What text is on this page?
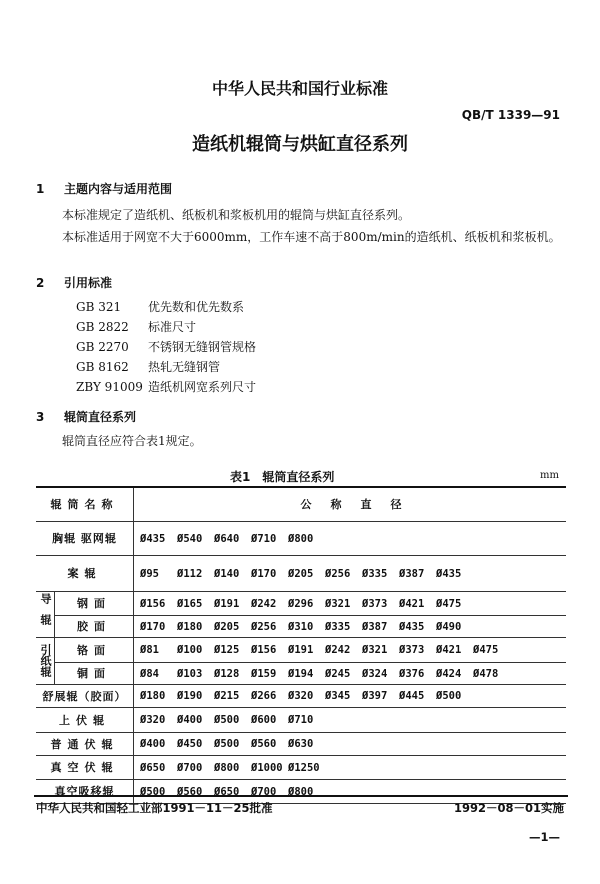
中华人民共和国行业标准
QB/T 1339—91
造纸机辊筒与烘缸直径系列
1 主题内容与适用范围
本标准规定了造纸机、纸板机和浆板机用的辊筒与烘缸直径系列。
本标准适用于网宽不大于6000mm，工作车速不高于800m/min的造纸机、纸板机和浆板机。
2 引用标准
GB 321 优先数和优先数系
GB 2822 标准尺寸
GB 2270 不锈钢无缝钢管规格
GB 8162 热轧无缝钢管
ZBY 91009 造纸机网宽系列尺寸
3 辊筒直径系列
辊筒直径应符合表1规定。
表1　辊筒直径系列	mm
辊筒名称		公　称　直　径
胸辊 驱网辊		Ø435 Ø540 Ø640 Ø710 Ø800
案辊		Ø95 Ø112 Ø140 Ø170 Ø205 Ø256 Ø335 Ø387 Ø435
导辊	钢面	Ø156 Ø165 Ø191 Ø242 Ø296 Ø321 Ø373 Ø421 Ø475
	胶面	Ø170 Ø180 Ø205 Ø256 Ø310 Ø335 Ø387 Ø435 Ø490
引纸辊	铬面	Ø81 Ø100 Ø125 Ø156 Ø191 Ø242 Ø321 Ø373 Ø421 Ø475
	铜面	Ø84 Ø103 Ø128 Ø159 Ø194 Ø245 Ø324 Ø376 Ø424 Ø478
舒展辊（胶面）		Ø180 Ø190 Ø215 Ø266 Ø320 Ø345 Ø397 Ø445 Ø500
上伏辊		Ø320 Ø400 Ø500 Ø600 Ø710
普通伏辊		Ø400 Ø450 Ø500 Ø560 Ø630
真空伏辊		Ø650 Ø700 Ø800 Ø1000 Ø1250
真空吸移辊		Ø500 Ø560 Ø650 Ø700 Ø800
中华人民共和国轻工业部1991－11－25批准	1992－08－01实施
—1—
